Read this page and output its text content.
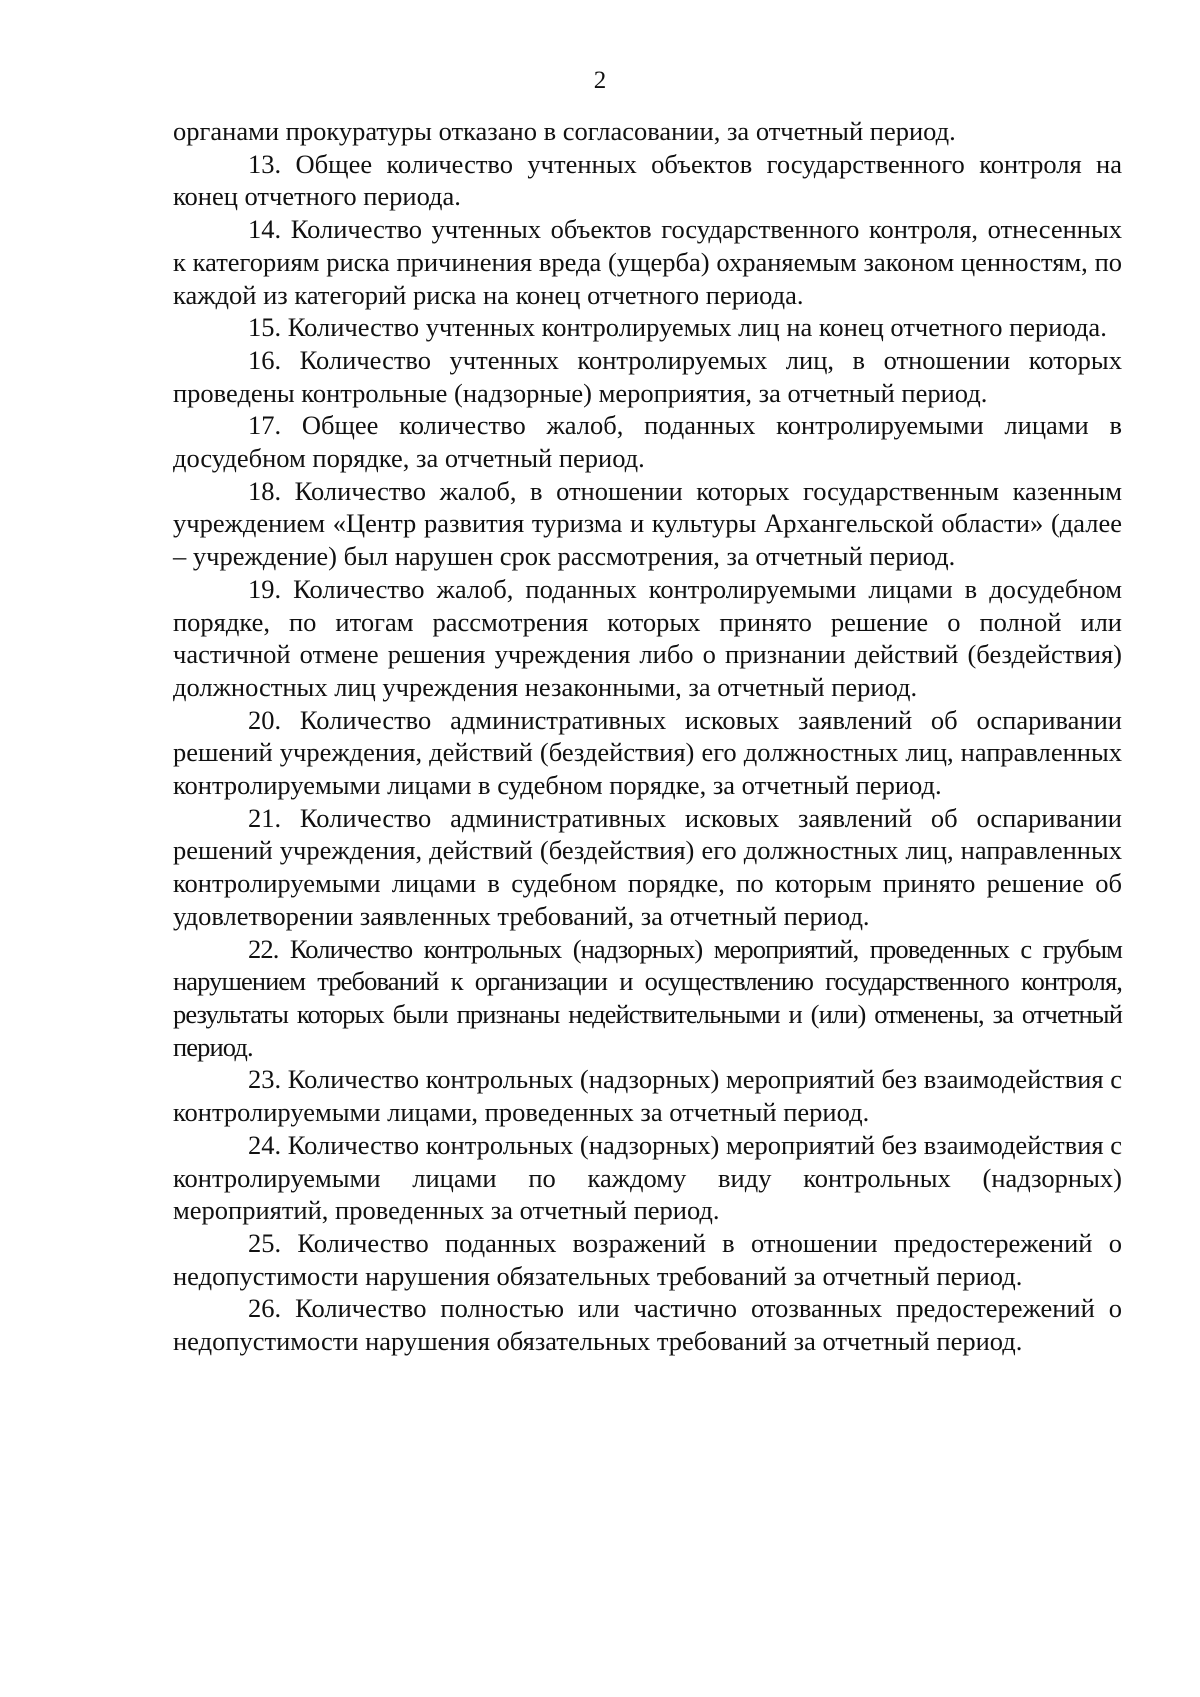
2

органами прокуратуры отказано в согласовании, за отчетный период.

13. Общее количество учтенных объектов государственного контроля на конец отчетного периода.

14. Количество учтенных объектов государственного контроля, отнесенных к категориям риска причинения вреда (ущерба) охраняемым законом ценностям, по каждой из категорий риска на конец отчетного периода.

15. Количество учтенных контролируемых лиц на конец отчетного периода.

16. Количество учтенных контролируемых лиц, в отношении которых проведены контрольные (надзорные) мероприятия, за отчетный период.

17. Общее количество жалоб, поданных контролируемыми лицами в досудебном порядке, за отчетный период.

18. Количество жалоб, в отношении которых государственным казенным учреждением «Центр развития туризма и культуры Архангельской области» (далее – учреждение) был нарушен срок рассмотрения, за отчетный период.

19. Количество жалоб, поданных контролируемыми лицами в досудебном порядке, по итогам рассмотрения которых принято решение о полной или частичной отмене решения учреждения либо о признании действий (бездействия) должностных лиц учреждения незаконными, за отчетный период.

20. Количество административных исковых заявлений об оспаривании решений учреждения, действий (бездействия) его должностных лиц, направленных контролируемыми лицами в судебном порядке, за отчетный период.

21. Количество административных исковых заявлений об оспаривании решений учреждения, действий (бездействия) его должностных лиц, направленных контролируемыми лицами в судебном порядке, по которым принято решение об удовлетворении заявленных требований, за отчетный период.

22. Количество контрольных (надзорных) мероприятий, проведенных с грубым нарушением требований к организации и осуществлению государственного контроля, результаты которых были признаны недействительными и (или) отменены, за отчетный период.

23. Количество контрольных (надзорных) мероприятий без взаимодействия с контролируемыми лицами, проведенных за отчетный период.

24. Количество контрольных (надзорных) мероприятий без взаимодействия с контролируемыми лицами по каждому виду контрольных (надзорных) мероприятий, проведенных за отчетный период.

25. Количество поданных возражений в отношении предостережений о недопустимости нарушения обязательных требований за отчетный период.

26. Количество полностью или частично отозванных предостережений о недопустимости нарушения обязательных требований за отчетный период.
